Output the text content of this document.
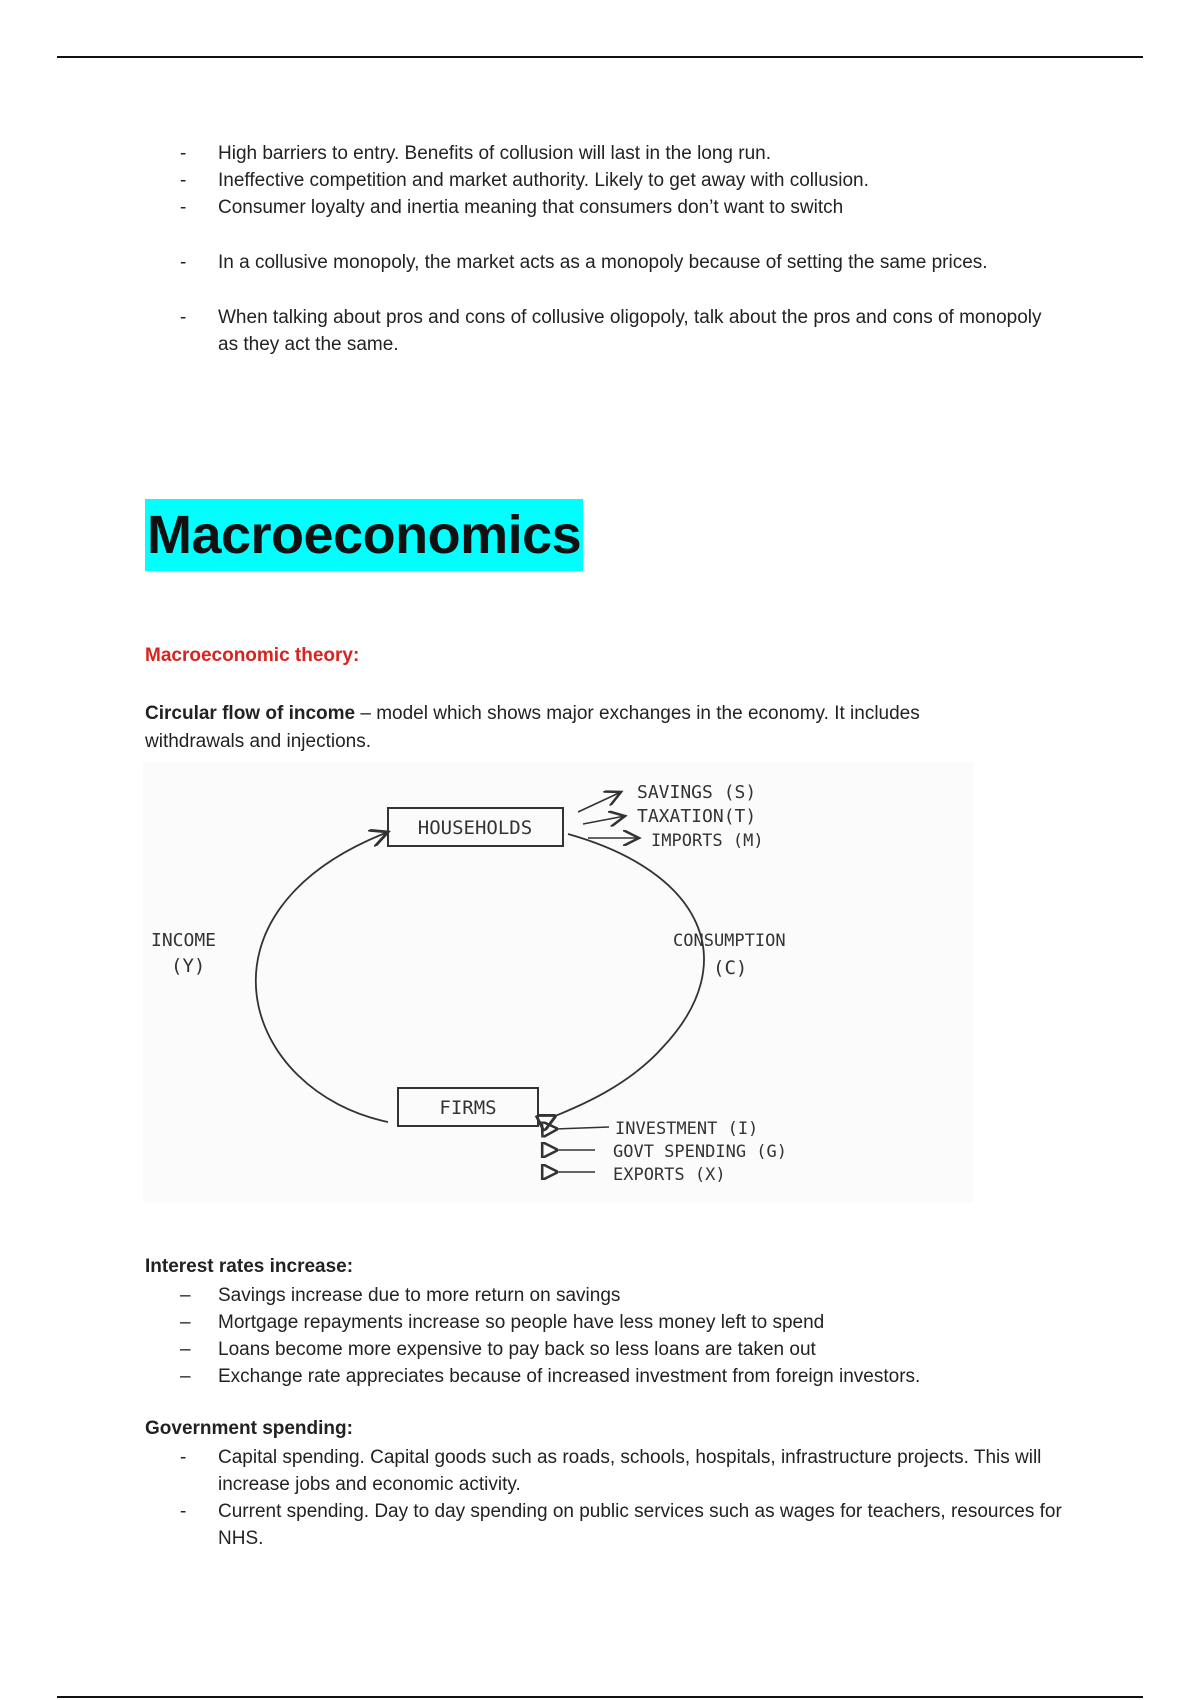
- High barriers to entry. Benefits of collusion will last in the long run.
- Ineffective competition and market authority. Likely to get away with collusion.
- Consumer loyalty and inertia meaning that consumers don’t want to switch
- In a collusive monopoly, the market acts as a monopoly because of setting the same prices.
- When talking about pros and cons of collusive oligopoly, talk about the pros and cons of monopoly as they act the same.
Macroeconomics
Macroeconomic theory:
Circular flow of income – model which shows major exchanges in the economy. It includes withdrawals and injections.
HOUSEHOLDS
FIRMS
SAVINGS (S)
TAXATION(T)
IMPORTS (M)
INCOME
(Y)
CONSUMPTION
(C)
INVESTMENT (I)
GOVT SPENDING (G)
EXPORTS (X)
Interest rates increase:
– Savings increase due to more return on savings
– Mortgage repayments increase so people have less money left to spend
– Loans become more expensive to pay back so less loans are taken out
– Exchange rate appreciates because of increased investment from foreign investors.
Government spending:
- Capital spending. Capital goods such as roads, schools, hospitals, infrastructure projects. This will increase jobs and economic activity.
- Current spending. Day to day spending on public services such as wages for teachers, resources for NHS.
